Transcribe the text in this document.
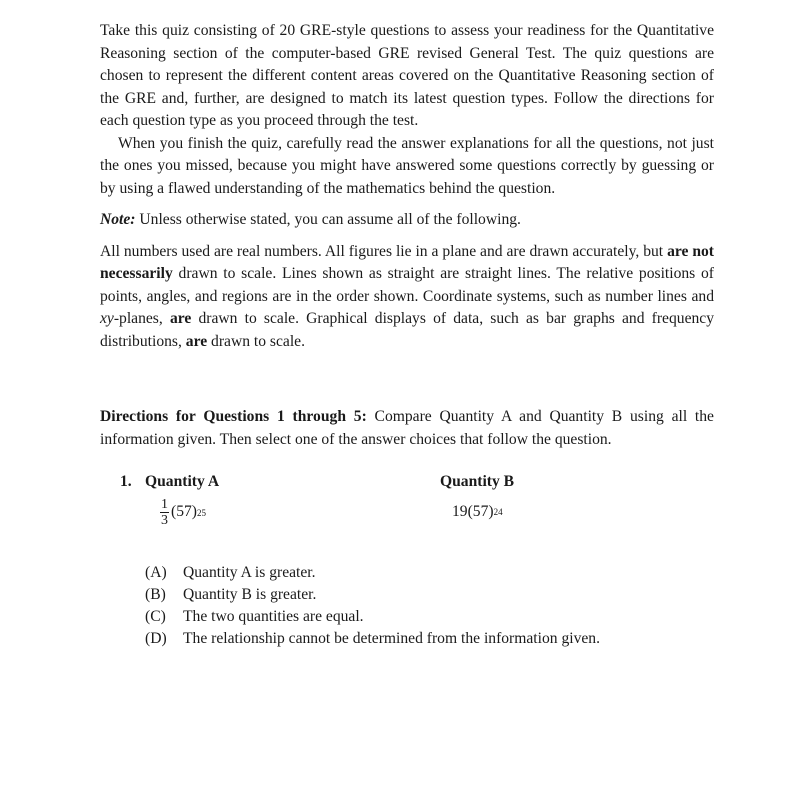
Take this quiz consisting of 20 GRE-style questions to assess your readiness for the Quantitative Reasoning section of the computer-based GRE revised General Test. The quiz questions are chosen to represent the different content areas covered on the Quantitative Reasoning section of the GRE and, further, are designed to match its latest question types. Follow the directions for each question type as you proceed through the test.

When you finish the quiz, carefully read the answer explanations for all the questions, not just the ones you missed, because you might have answered some questions correctly by guessing or by using a flawed understanding of the mathematics behind the question.

Note: Unless otherwise stated, you can assume all of the following.

All numbers used are real numbers. All figures lie in a plane and are drawn accurately, but are not necessarily drawn to scale. Lines shown as straight are straight lines. The relative positions of points, angles, and regions are in the order shown. Coordinate systems, such as number lines and xy-planes, are drawn to scale. Graphical displays of data, such as bar graphs and frequency distributions, are drawn to scale.

Directions for Questions 1 through 5: Compare Quantity A and Quantity B using all the information given. Then select one of the answer choices that follow the question.

1. Quantity A	Quantity B
$\frac{1}{3} (57)$ 25	19 (57) 24
(A)	Quantity A is greater.
(B)	Quantity B is greater.
(C)	The two quantities are equal.
(D)	The relationship cannot be determined from the information given.
